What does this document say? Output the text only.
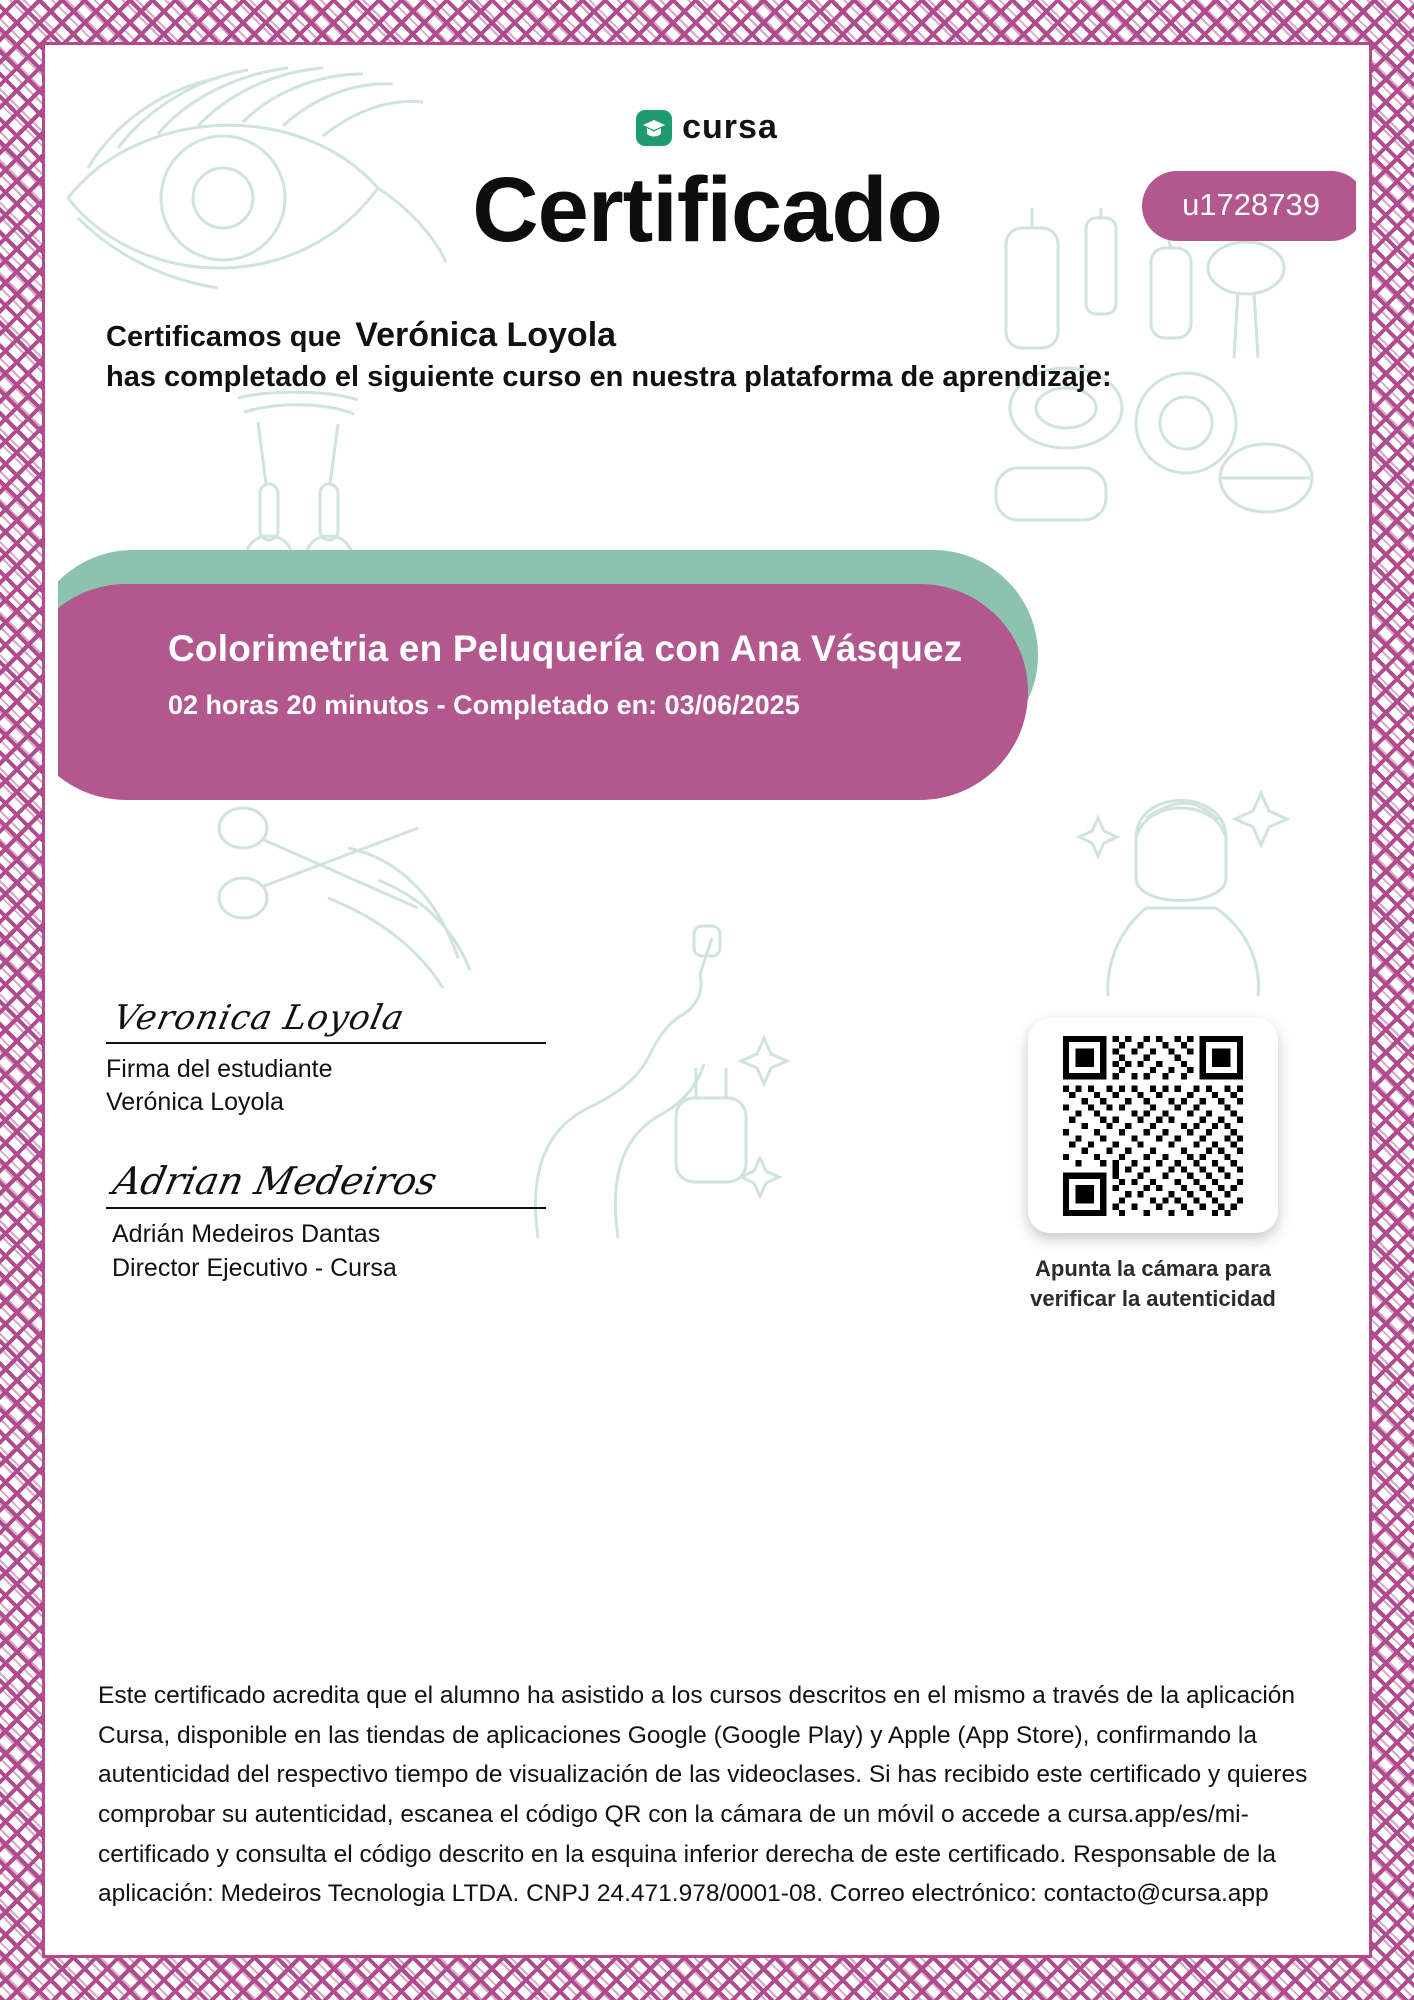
cursa
Certificado	u1728739
Certificamos que Verónica Loyola
has completado el siguiente curso en nuestra plataforma de aprendizaje:
Colorimetria en Peluquería con Ana Vásquez
02 horas 20 minutos - Completado en: 03/06/2025
Veronica Loyola
Firma del estudiante
Verónica Loyola
Adrian Medeiros
Adrián Medeiros Dantas
Director Ejecutivo - Cursa	Apunta la cámara para
verificar la autenticidad
Este certificado acredita que el alumno ha asistido a los cursos descritos en el mismo a través de la aplicación Cursa, disponible en las tiendas de aplicaciones Google (Google Play) y Apple (App Store), confirmando la autenticidad del respectivo tiempo de visualización de las videoclases. Si has recibido este certificado y quieres comprobar su autenticidad, escanea el código QR con la cámara de un móvil o accede a cursa.app/es/mi-certificado y consulta el código descrito en la esquina inferior derecha de este certificado. Responsable de la aplicación: Medeiros Tecnologia LTDA. CNPJ 24.471.978/0001-08. Correo electrónico: contacto@cursa.app
